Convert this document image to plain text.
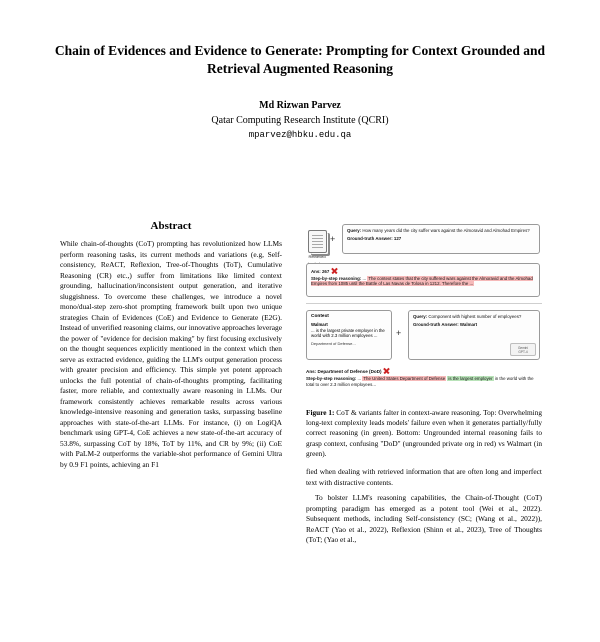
Chain of Evidences and Evidence to Generate: Prompting for Context Grounded and Retrieval Augmented Reasoning
Md Rizwan Parvez
Qatar Computing Research Institute (QCRI)
mparvez@hbku.edu.qa
Abstract

While chain-of-thoughts (CoT) prompting has revolutionized how LLMs perform reasoning tasks, its current methods and variations (e.g, Self-consistency, ReACT, Reflexion, Tree-of-Thoughts (ToT), Cumulative Reasoning (CR) etc.,) suffer from limitations like limited context grounding, hallucination/inconsistent output generation, and iterative sluggishness. To overcome these challenges, we introduce a novel mono/dual-step zero-shot prompting framework built upon two unique strategies Chain of Evidences (CoE) and Evidence to Generate (E2G). Instead of unverified reasoning claims, our innovative approaches leverage the power of "evidence for decision making" by first focusing exclusively on the thought sequences explicitly mentioned in the context which then serve as extracted evidence, guiding the LLM's output generation process with greater precision and efficiency. This simple yet potent approach unlocks the full potential of chain-of-thoughts prompting, facilitating faster, more reliable, and contextually aware reasoning in LLMs. Our framework consistently achieves remarkable results across various knowledge-intensive reasoning and generation tasks, surpassing baseline approaches with state-of-the-art LLMs. For instance, (i) on LogiQA benchmark using GPT-4, CoE achieves a new state-of-the-art accuracy of 53.8%, surpassing CoT by 18%, ToT by 11%, and CR by 9%; (ii) CoE with PaLM-2 outperforms the variable-shot performance of Gemini Ultra by 0.9 F1 points, achieving an F1

Retrieved
+
Query: How many years did the city suffer wars against the Almoravid and Almohad Empires?
Ground-truth Answer: 127
Ans: 267
Step-by-step reasoning: ... The context states that the city suffered wars against the Almoravid and the Almohad Empires from 1085 until the Battle of Las Navas de Tolosa in 1212. Therefore the ...
Context
Walmart
... is the largest private employer in the world with 2.3 million employees ...
Department of Defense...
+
Query: Component with highest number of employees?
Ground-truth Answer: Walmart
Gemini
GPT-4
Ans: Department of Defense (DoD)
Step-by-step reasoning: ... The United States Department of Defense is the largest employer in the world with the total to over 2.3 million employees...
Figure 1: CoT & variants falter in context-aware reasoning. Top: Overwhelming long-text complexity leads models' failure even when it generates partially/fully correct reasoning (in green). Bottom: Ungrounded internal reasoning fails to grasp context, confusing "DoD" (ungrounded private org in red) vs Walmart (in green).

fied when dealing with retrieved information that are often long and imperfect text with distractive contents.

To bolster LLM's reasoning capabilities, the Chain-of-Thought (CoT) prompting paradigm has emerged as a potent tool (Wei et al., 2022). Subsequent methods, including Self-consistency (SC; (Wang et al., 2022)), ReACT (Yao et al., 2022), Reflexion (Shinn et al., 2023), Tree of Thoughts (ToT; (Yao et al.,
